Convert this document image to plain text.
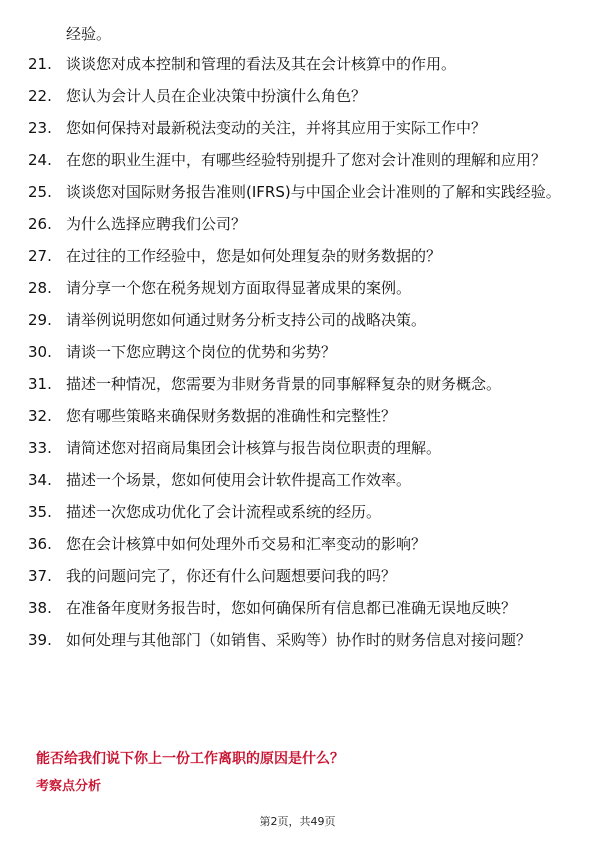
经验。
21. 谈谈您对成本控制和管理的看法及其在会计核算中的作用。
22. 您认为会计人员在企业决策中扮演什么角色？
23. 您如何保持对最新税法变动的关注，并将其应用于实际工作中？
24. 在您的职业生涯中，有哪些经验特别提升了您对会计准则的理解和应用？
25. 谈谈您对国际财务报告准则(IFRS)与中国企业会计准则的了解和实践经验。
26. 为什么选择应聘我们公司？
27. 在过往的工作经验中，您是如何处理复杂的财务数据的？
28. 请分享一个您在税务规划方面取得显著成果的案例。
29. 请举例说明您如何通过财务分析支持公司的战略决策。
30. 请谈一下您应聘这个岗位的优势和劣势？
31. 描述一种情况，您需要为非财务背景的同事解释复杂的财务概念。
32. 您有哪些策略来确保财务数据的准确性和完整性？
33. 请简述您对招商局集团会计核算与报告岗位职责的理解。
34. 描述一个场景，您如何使用会计软件提高工作效率。
35. 描述一次您成功优化了会计流程或系统的经历。
36. 您在会计核算中如何处理外币交易和汇率变动的影响？
37. 我的问题问完了，你还有什么问题想要问我的吗？
38. 在准备年度财务报告时，您如何确保所有信息都已准确无误地反映？
39. 如何处理与其他部门（如销售、采购等）协作时的财务信息对接问题？
能否给我们说下你上一份工作离职的原因是什么？
考察点分析
第2页，共49页
